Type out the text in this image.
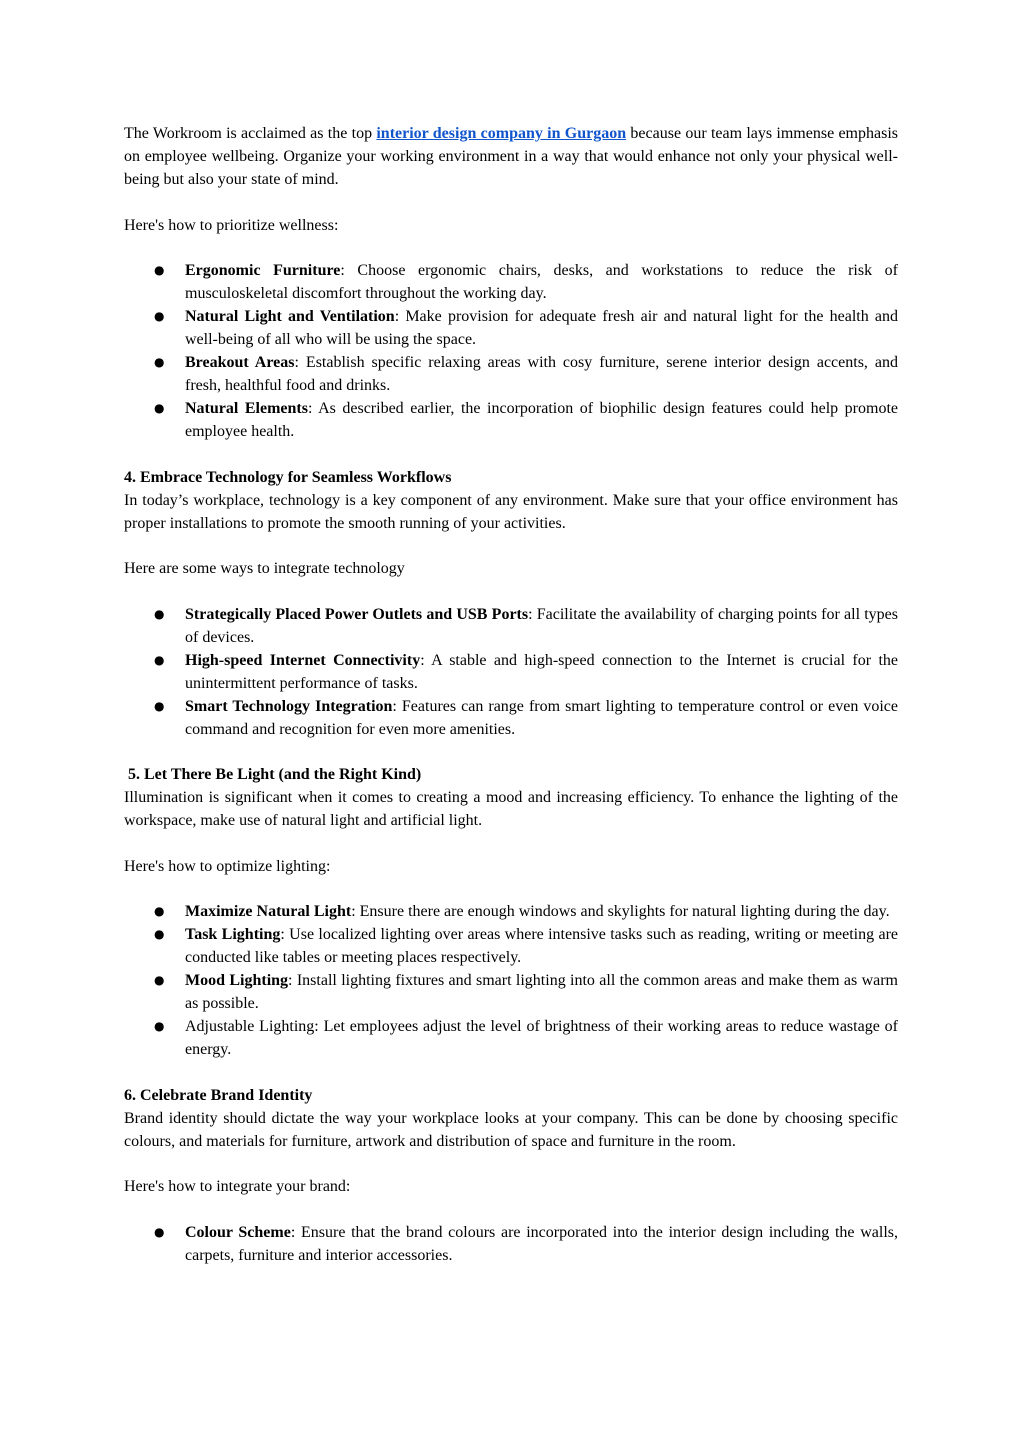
The Workroom is acclaimed as the top interior design company in Gurgaon because our team lays immense emphasis on employee wellbeing. Organize your working environment in a way that would enhance not only your physical well-being but also your state of mind.

Here's how to prioritize wellness:

● Ergonomic Furniture: Choose ergonomic chairs, desks, and workstations to reduce the risk of musculoskeletal discomfort throughout the working day.
● Natural Light and Ventilation: Make provision for adequate fresh air and natural light for the health and well-being of all who will be using the space.
● Breakout Areas: Establish specific relaxing areas with cosy furniture, serene interior design accents, and fresh, healthful food and drinks.
● Natural Elements: As described earlier, the incorporation of biophilic design features could help promote employee health.

4. Embrace Technology for Seamless Workflows

In today’s workplace, technology is a key component of any environment. Make sure that your office environment has proper installations to promote the smooth running of your activities.

Here are some ways to integrate technology

● Strategically Placed Power Outlets and USB Ports: Facilitate the availability of charging points for all types of devices.
● High-speed Internet Connectivity: A stable and high-speed connection to the Internet is crucial for the unintermittent performance of tasks.
● Smart Technology Integration: Features can range from smart lighting to temperature control or even voice command and recognition for even more amenities.

5. Let There Be Light (and the Right Kind)

Illumination is significant when it comes to creating a mood and increasing efficiency. To enhance the lighting of the workspace, make use of natural light and artificial light.

Here's how to optimize lighting:

● Maximize Natural Light: Ensure there are enough windows and skylights for natural lighting during the day.
● Task Lighting: Use localized lighting over areas where intensive tasks such as reading, writing or meeting are conducted like tables or meeting places respectively.
● Mood Lighting: Install lighting fixtures and smart lighting into all the common areas and make them as warm as possible.
● Adjustable Lighting: Let employees adjust the level of brightness of their working areas to reduce wastage of energy.

6. Celebrate Brand Identity

Brand identity should dictate the way your workplace looks at your company. This can be done by choosing specific colours, and materials for furniture, artwork and distribution of space and furniture in the room.

Here's how to integrate your brand:

● Colour Scheme: Ensure that the brand colours are incorporated into the interior design including the walls, carpets, furniture and interior accessories.
